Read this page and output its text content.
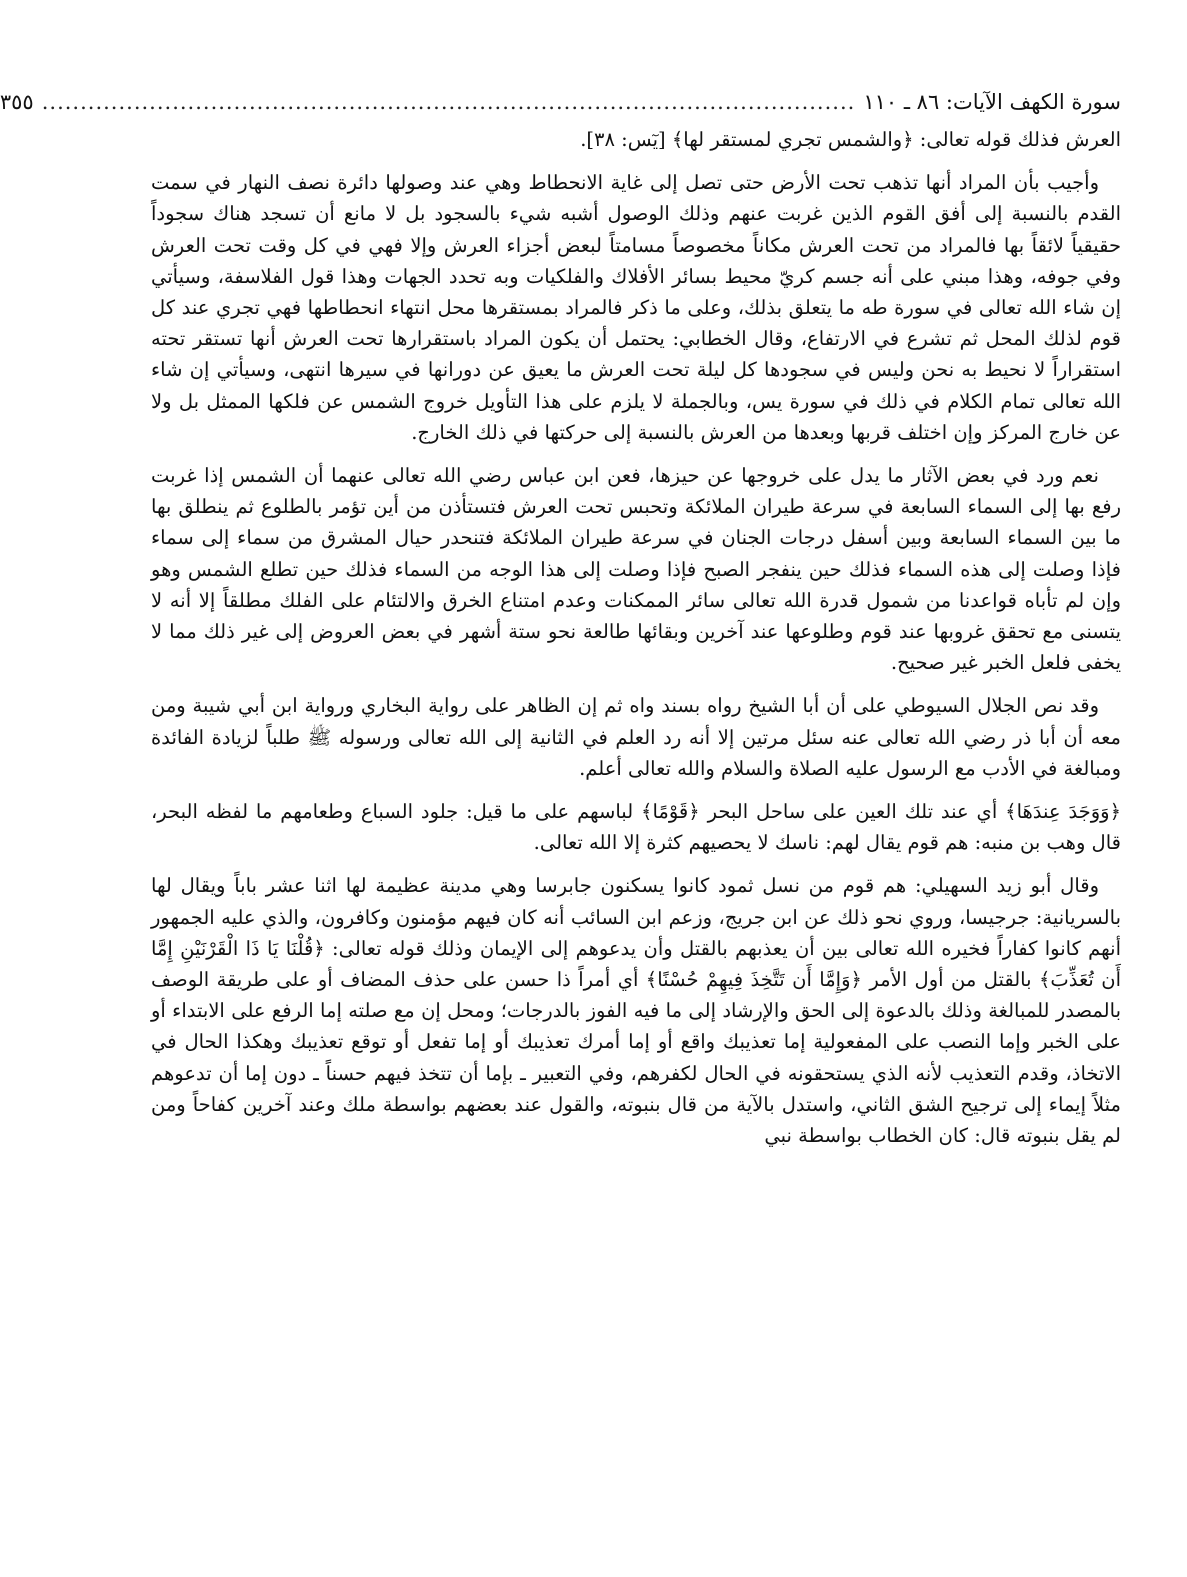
سورة الكهف الآيات: ٨٦ ـ ١١٠
..........................................................................................................
٣٥٥

العرش فذلك قوله تعالى: ﴿والشمس تجري لمستقر لها﴾ [يٓس: ٣٨].

وأجيب بأن المراد أنها تذهب تحت الأرض حتى تصل إلى غاية الانحطاط وهي عند وصولها دائرة نصف النهار في سمت القدم بالنسبة إلى أفق القوم الذين غربت عنهم وذلك الوصول أشبه شيء بالسجود بل لا مانع أن تسجد هناك سجوداً حقيقياً لائقاً بها فالمراد من تحت العرش مكاناً مخصوصاً مسامتاً لبعض أجزاء العرش وإلا فهي في كل وقت تحت العرش وفي جوفه، وهذا مبني على أنه جسم كريّ محيط بسائر الأفلاك والفلكيات وبه تحدد الجهات وهذا قول الفلاسفة، وسيأتي إن شاء الله تعالى في سورة طه ما يتعلق بذلك، وعلى ما ذكر فالمراد بمستقرها محل انتهاء انحطاطها فهي تجري عند كل قوم لذلك المحل ثم تشرع في الارتفاع، وقال الخطابي: يحتمل أن يكون المراد باستقرارها تحت العرش أنها تستقر تحته استقراراً لا نحيط به نحن وليس في سجودها كل ليلة تحت العرش ما يعيق عن دورانها في سيرها انتهى، وسيأتي إن شاء الله تعالى تمام الكلام في ذلك في سورة يس، وبالجملة لا يلزم على هذا التأويل خروج الشمس عن فلكها الممثل بل ولا عن خارج المركز وإن اختلف قربها وبعدها من العرش بالنسبة إلى حركتها في ذلك الخارج.

نعم ورد في بعض الآثار ما يدل على خروجها عن حيزها، فعن ابن عباس رضي الله تعالى عنهما أن الشمس إذا غربت رفع بها إلى السماء السابعة في سرعة طيران الملائكة وتحبس تحت العرش فتستأذن من أين تؤمر بالطلوع ثم ينطلق بها ما بين السماء السابعة وبين أسفل درجات الجنان في سرعة طيران الملائكة فتنحدر حيال المشرق من سماء إلى سماء فإذا وصلت إلى هذه السماء فذلك حين ينفجر الصبح فإذا وصلت إلى هذا الوجه من السماء فذلك حين تطلع الشمس وهو وإن لم تأباه قواعدنا من شمول قدرة الله تعالى سائر الممكنات وعدم امتناع الخرق والالتئام على الفلك مطلقاً إلا أنه لا يتسنى مع تحقق غروبها عند قوم وطلوعها عند آخرين وبقائها طالعة نحو ستة أشهر في بعض العروض إلى غير ذلك مما لا يخفى فلعل الخبر غير صحيح.

وقد نص الجلال السيوطي على أن أبا الشيخ رواه بسند واه ثم إن الظاهر على رواية البخاري ورواية ابن أبي شيبة ومن معه أن أبا ذر رضي الله تعالى عنه سئل مرتين إلا أنه رد العلم في الثانية إلى الله تعالى ورسوله ﷺ طلباً لزيادة الفائدة ومبالغة في الأدب مع الرسول عليه الصلاة والسلام والله تعالى أعلم.

﴿وَوَجَدَ عِندَهَا﴾ أي عند تلك العين على ساحل البحر ﴿قَوْمًا﴾ لباسهم على ما قيل: جلود السباع وطعامهم ما لفظه البحر، قال وهب بن منبه: هم قوم يقال لهم: ناسك لا يحصيهم كثرة إلا الله تعالى.

وقال أبو زيد السهيلي: هم قوم من نسل ثمود كانوا يسكنون جابرسا وهي مدينة عظيمة لها اثنا عشر باباً ويقال لها بالسريانية: جرجيسا، وروي نحو ذلك عن ابن جريج، وزعم ابن السائب أنه كان فيهم مؤمنون وكافرون، والذي عليه الجمهور أنهم كانوا كفاراً فخيره الله تعالى بين أن يعذبهم بالقتل وأن يدعوهم إلى الإيمان وذلك قوله تعالى: ﴿قُلْنَا يَا ذَا الْقَرْنَيْنِ إِمَّا أَن تُعَذِّبَ﴾ بالقتل من أول الأمر ﴿وَإِمَّا أَن تَتَّخِذَ فِيهِمْ حُسْنًا﴾ أي أمراً ذا حسن على حذف المضاف أو على طريقة الوصف بالمصدر للمبالغة وذلك بالدعوة إلى الحق والإرشاد إلى ما فيه الفوز بالدرجات؛ ومحل إن مع صلته إما الرفع على الابتداء أو على الخبر وإما النصب على المفعولية إما تعذيبك واقع أو إما أمرك تعذيبك أو إما تفعل أو توقع تعذيبك وهكذا الحال في الاتخاذ، وقدم التعذيب لأنه الذي يستحقونه في الحال لكفرهم، وفي التعبير ـ بإما أن تتخذ فيهم حسناً ـ دون إما أن تدعوهم مثلاً إيماء إلى ترجيح الشق الثاني، واستدل بالآية من قال بنبوته، والقول عند بعضهم بواسطة ملك وعند آخرين كفاحاً ومن لم يقل بنبوته قال: كان الخطاب بواسطة نبي
